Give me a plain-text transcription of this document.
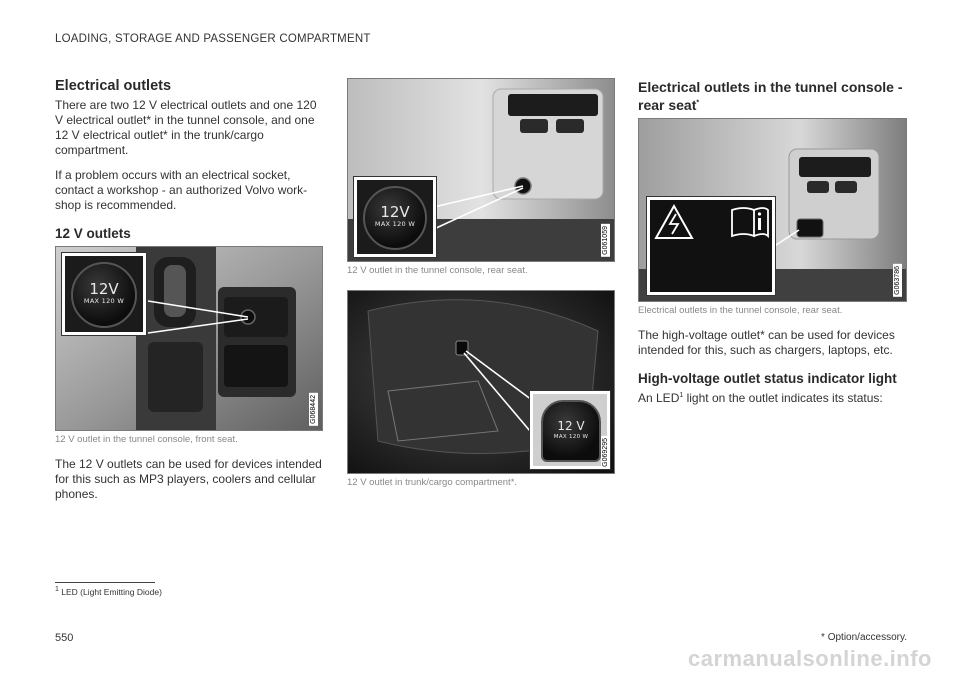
LOADING, STORAGE AND PASSENGER COMPARTMENT
Electrical outlets

There are two 12 V electrical outlets and one 120 V electrical outlet* in the tunnel console, and one 12 V electrical outlet* in the trunk/cargo compartment.

If a problem occurs with an electrical socket, contact a workshop - an authorized Volvo work-shop is recommended.

12 V outlets
12V
MAX 120 W
G068442
12 V outlet in the tunnel console, front seat.

The 12 V outlets can be used for devices intended for this such as MP3 players, coolers and cellular phones.

12V
MAX 120 W
G061059
12 V outlet in the tunnel console, rear seat.
12 V
MAX 120 W
G069295
12 V outlet in trunk/cargo compartment*.
Electrical outlets in the tunnel console - rear seat*
G063786
Electrical outlets in the tunnel console, rear seat.

The high-voltage outlet* can be used for devices intended for this, such as chargers, laptops, etc.

High-voltage outlet status indicator light

An LED$^1$ light on the outlet indicates its status:

$^1$ LED (Light Emitting Diode)
550	* Option/accessory.
carmanualsonline.info
